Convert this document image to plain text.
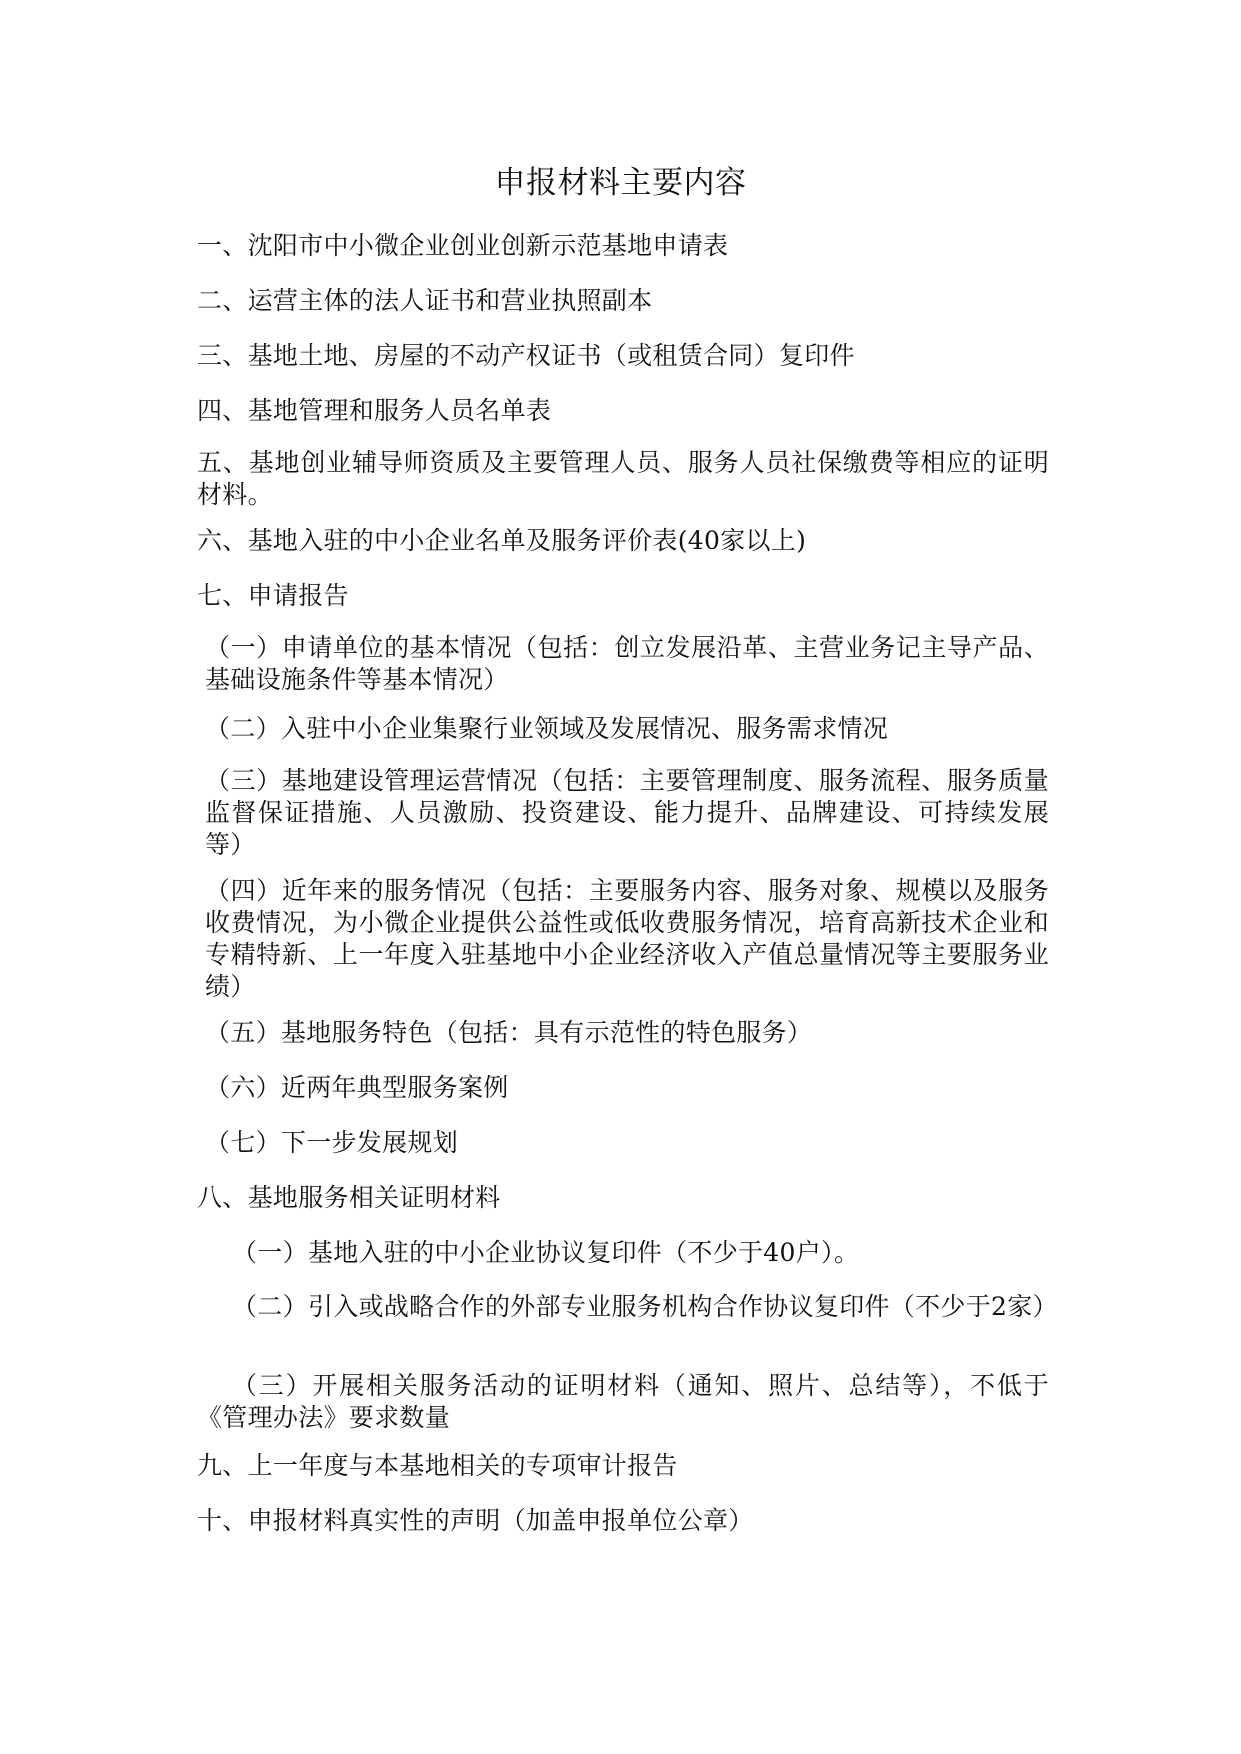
申报材料主要内容

一、沈阳市中小微企业创业创新示范基地申请表

二、运营主体的法人证书和营业执照副本

三、基地土地、房屋的不动产权证书（或租赁合同）复印件

四、基地管理和服务人员名单表

五、基地创业辅导师资质及主要管理人员、服务人员社保缴费等相应的证明材料。

六、基地入驻的中小企业名单及服务评价表(40家以上)

七、申请报告

（一）申请单位的基本情况（包括：创立发展沿革、主营业务记主导产品、基础设施条件等基本情况）

（二）入驻中小企业集聚行业领域及发展情况、服务需求情况

（三）基地建设管理运营情况（包括：主要管理制度、服务流程、服务质量监督保证措施、人员激励、投资建设、能力提升、品牌建设、可持续发展等）

（四）近年来的服务情况（包括：主要服务内容、服务对象、规模以及服务收费情况，为小微企业提供公益性或低收费服务情况，培育高新技术企业和专精特新、上一年度入驻基地中小企业经济收入产值总量情况等主要服务业绩）

（五）基地服务特色（包括：具有示范性的特色服务）

（六）近两年典型服务案例

（七）下一步发展规划

八、基地服务相关证明材料

（一）基地入驻的中小企业协议复印件（不少于40户）。

（二）引入或战略合作的外部专业服务机构合作协议复印件（不少于2家）

（三）开展相关服务活动的证明材料（通知、照片、总结等），不低于《管理办法》要求数量

九、上一年度与本基地相关的专项审计报告

十、申报材料真实性的声明（加盖申报单位公章）
